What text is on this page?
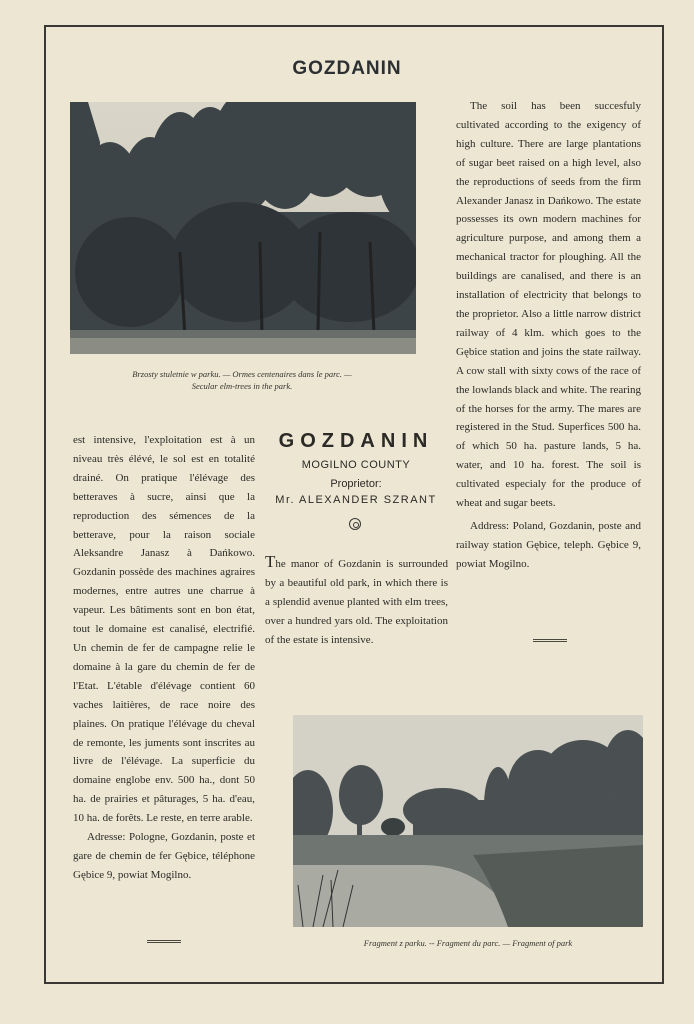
GOZDANIN
Brzosty stuletnie w parku. — Ormes centenaires dans le parc. —
Secular elm-trees in the park.

The soil has been succesfuly cultivated according to the exigency of high culture. There are large plantations of sugar beet raised on a high level, also the reproductions of seeds from the firm Alexander Janasz in Dańkowo. The estate possesses its own modern machines for agriculture purpose, and among them a mechanical tractor for ploughing. All the buildings are canalised, and there is an installation of electricity that belongs to the proprietor. Also a little narrow district railway of 4 klm. which goes to the Gębice station and joins the state railway. A cow stall with sixty cows of the race of the lowlands black and white. The rearing of the horses for the army. The mares are registered in the Stud. Superfices 500 ha. of which 50 ha. pasture lands, 5 ha. water, and 10 ha. forest. The soil is cultivated especialy for the produce of wheat and sugar beets.

Address: Poland, Gozdanin, poste and railway station Gębice, teleph. Gębice 9, powiat Mogilno.

GOZDANIN
MOGILNO COUNTY
Proprietor:
Mr. ALEXANDER SZRANT

The manor of Gozdanin is surrounded by a beautiful old park, in which there is a splendid avenue planted with elm trees, over a hundred yars old. The exploitation of the estate is intensive.

est intensive, l'exploitation est à un niveau très élévé, le sol est en totalité drainé. On pratique l'élévage des betteraves à sucre, ainsi que la reproduction des sémences de la betterave, pour la raison sociale Aleksandre Janasz à Dańkowo. Gozdanin possède des machines agraires modernes, entre autres une charrue à vapeur. Les bâtiments sont en bon état, tout le domaine est canalisé, electrifié. Un chemin de fer de campagne relie le domaine à la gare du chemin de fer de l'Etat. L'étable d'élévage contient 60 vaches laitières, de race noire des plaines. On pratique l'élévage du cheval de remonte, les juments sont inscrites au livre de l'élévage. La superficie du domaine englobe env. 500 ha., dont 50 ha. de prairies et pâturages, 5 ha. d'eau, 10 ha. de forêts. Le reste, en terre arable.

Adresse: Pologne, Gozdanin, poste et gare de chemin de fer Gębice, téléphone Gębice 9, powiat Mogilno.

Fragment z parku. -- Fragment du parc. — Fragment of park
